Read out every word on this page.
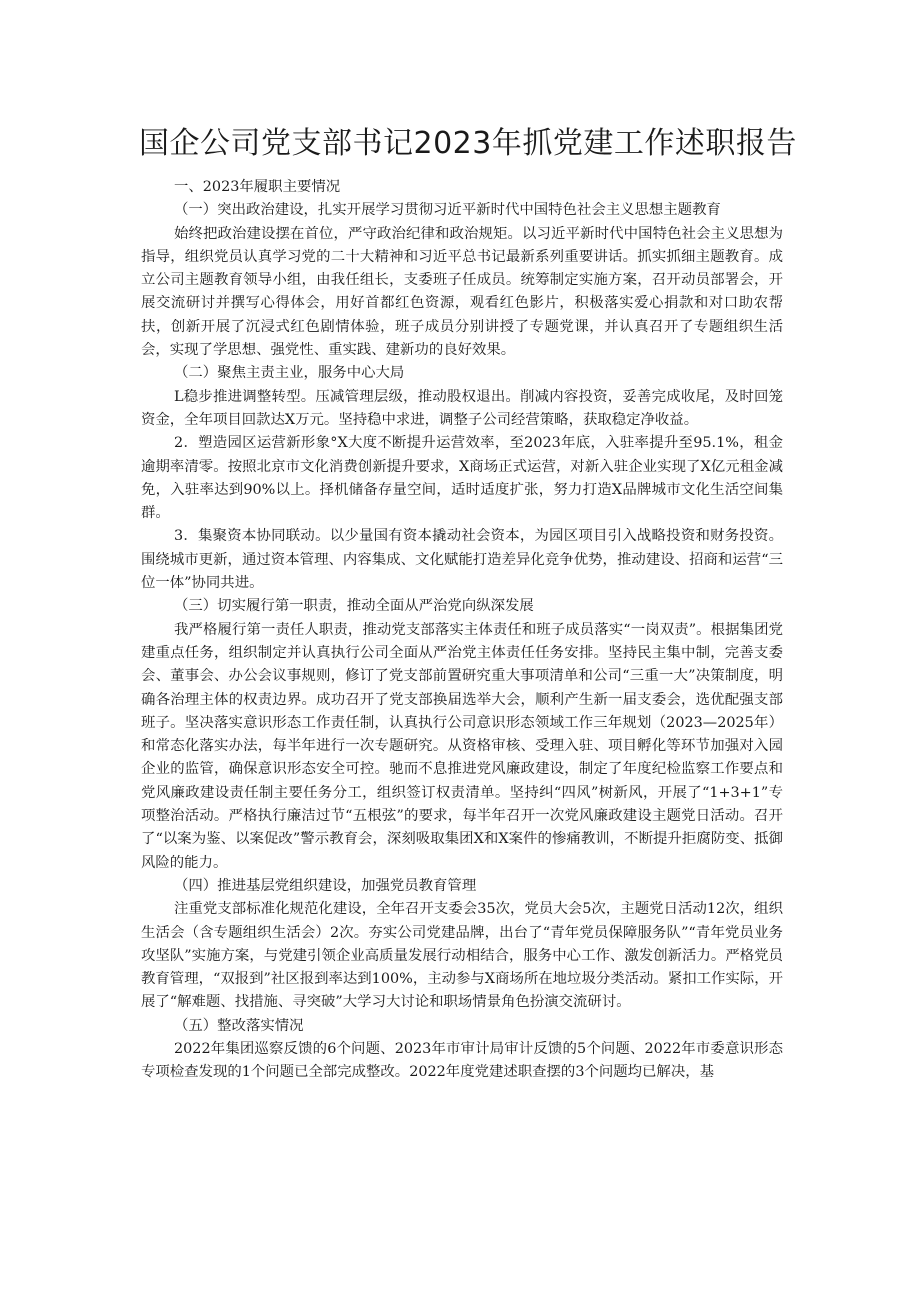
国企公司党支部书记2023年抓党建工作述职报告

一、2023年履职主要情况

（一）突出政治建设，扎实开展学习贯彻习近平新时代中国特色社会主义思想主题教育

始终把政治建设摆在首位，严守政治纪律和政治规矩。以习近平新时代中国特色社会主义思想为指导，组织党员认真学习党的二十大精神和习近平总书记最新系列重要讲话。抓实抓细主题教育。成立公司主题教育领导小组，由我任组长，支委班子任成员。统筹制定实施方案，召开动员部署会，开展交流研讨并撰写心得体会，用好首都红色资源，观看红色影片，积极落实爱心捐款和对口助农帮扶，创新开展了沉浸式红色剧情体验，班子成员分别讲授了专题党课，并认真召开了专题组织生活会，实现了学思想、强党性、重实践、建新功的良好效果。

（二）聚焦主责主业，服务中心大局

L稳步推进调整转型。压减管理层级，推动股权退出。削减内容投资，妥善完成收尾，及时回笼资金，全年项目回款达X万元。坚持稳中求进，调整子公司经营策略，获取稳定净收益。

2．塑造园区运营新形象°X大度不断提升运营效率，至2023年底，入驻率提升至95.1%，租金逾期率清零。按照北京市文化消费创新提升要求，X商场正式运营，对新入驻企业实现了X亿元租金减免，入驻率达到90%以上。择机储备存量空间，适时适度扩张，努力打造X品牌城市文化生活空间集群。

3．集聚资本协同联动。以少量国有资本撬动社会资本，为园区项目引入战略投资和财务投资。围绕城市更新，通过资本管理、内容集成、文化赋能打造差异化竞争优势，推动建设、招商和运营“三位一体”协同共进。

（三）切实履行第一职责，推动全面从严治党向纵深发展

我严格履行第一责任人职责，推动党支部落实主体责任和班子成员落实“一岗双责”。根据集团党建重点任务，组织制定并认真执行公司全面从严治党主体责任任务安排。坚持民主集中制，完善支委会、董事会、办公会议事规则，修订了党支部前置研究重大事项清单和公司“三重一大”决策制度，明确各治理主体的权责边界。成功召开了党支部换届选举大会，顺利产生新一届支委会，选优配强支部班子。坚决落实意识形态工作责任制，认真执行公司意识形态领域工作三年规划（2023—2025年）和常态化落实办法，每半年进行一次专题研究。从资格审核、受理入驻、项目孵化等环节加强对入园企业的监管，确保意识形态安全可控。驰而不息推进党风廉政建设，制定了年度纪检监察工作要点和党风廉政建设责任制主要任务分工，组织签订权责清单。坚持纠“四风”树新风，开展了“1+3+1”专项整治活动。严格执行廉洁过节“五根弦”的要求，每半年召开一次党风廉政建设主题党日活动。召开了“以案为鉴、以案促改”警示教育会，深刻吸取集团X和X案件的惨痛教训，不断提升拒腐防变、抵御风险的能力。

（四）推进基层党组织建设，加强党员教育管理

注重党支部标准化规范化建设，全年召开支委会35次，党员大会5次，主题党日活动12次，组织生活会（含专题组织生活会）2次。夯实公司党建品牌，出台了“青年党员保障服务队”“青年党员业务攻坚队”实施方案，与党建引领企业高质量发展行动相结合，服务中心工作、激发创新活力。严格党员教育管理，“双报到”社区报到率达到100%，主动参与X商场所在地垃圾分类活动。紧扣工作实际，开展了“解难题、找措施、寻突破”大学习大讨论和职场情景角色扮演交流研讨。

（五）整改落实情况

2022年集团巡察反馈的6个问题、2023年市审计局审计反馈的5个问题、2022年市委意识形态专项检查发现的1个问题已全部完成整改。2022年度党建述职查摆的3个问题均已解决，基
